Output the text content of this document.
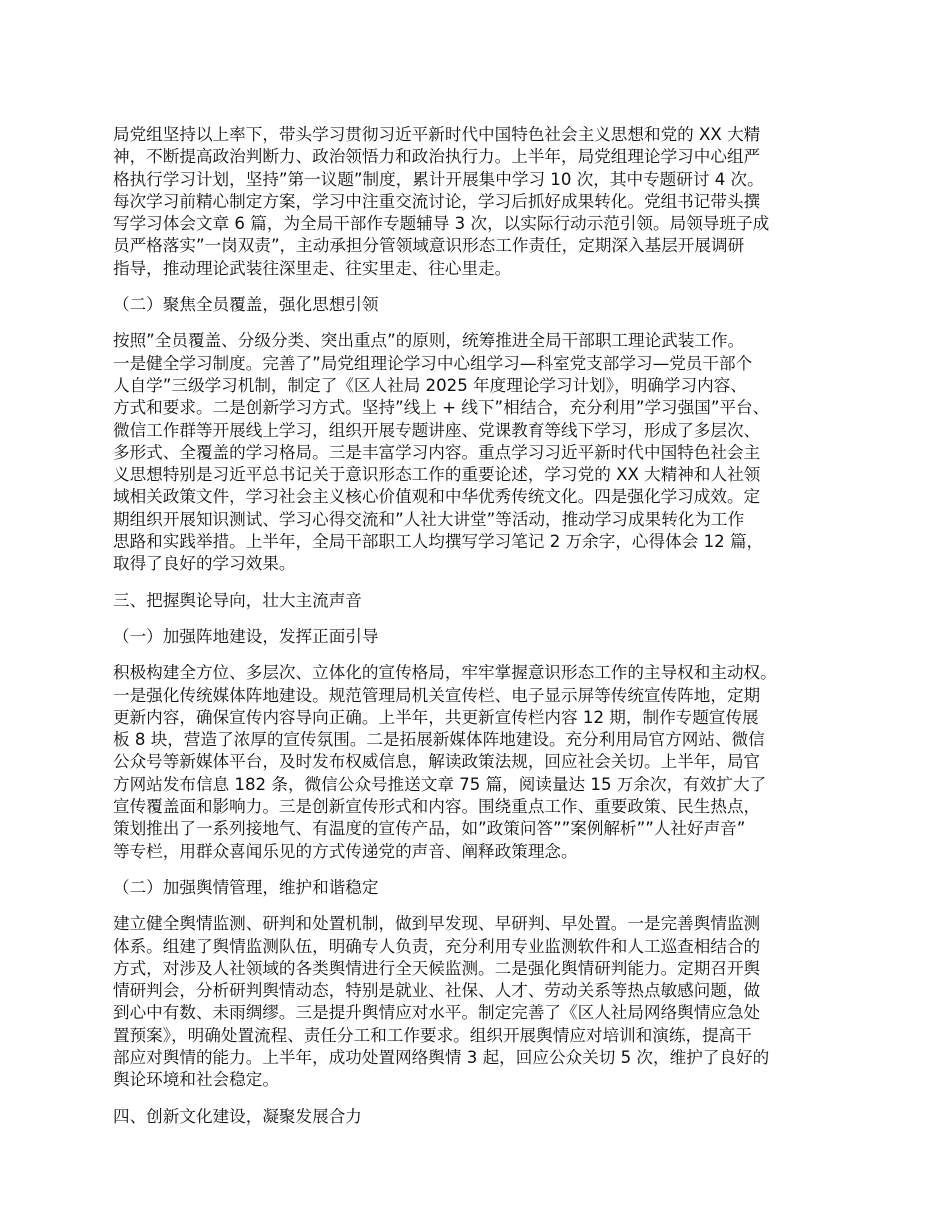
局党组坚持以上率下，带头学习贯彻习近平新时代中国特色社会主义思想和党的 XX 大精
神，不断提高政治判断力、政治领悟力和政治执行力。上半年，局党组理论学习中心组严
格执行学习计划，坚持”第一议题”制度，累计开展集中学习 10 次，其中专题研讨 4 次。
每次学习前精心制定方案，学习中注重交流讨论，学习后抓好成果转化。党组书记带头撰
写学习体会文章 6 篇，为全局干部作专题辅导 3 次，以实际行动示范引领。局领导班子成
员严格落实”一岗双责”，主动承担分管领域意识形态工作责任，定期深入基层开展调研
指导，推动理论武装往深里走、往实里走、往心里走。
（二）聚焦全员覆盖，强化思想引领
按照”全员覆盖、分级分类、突出重点”的原则，统筹推进全局干部职工理论武装工作。
一是健全学习制度。完善了”局党组理论学习中心组学习—科室党支部学习—党员干部个
人自学”三级学习机制，制定了《区人社局 2025 年度理论学习计划》，明确学习内容、
方式和要求。二是创新学习方式。坚持”线上 + 线下”相结合，充分利用”学习强国”平台、
微信工作群等开展线上学习，组织开展专题讲座、党课教育等线下学习，形成了多层次、
多形式、全覆盖的学习格局。三是丰富学习内容。重点学习习近平新时代中国特色社会主
义思想特别是习近平总书记关于意识形态工作的重要论述，学习党的 XX 大精神和人社领
域相关政策文件，学习社会主义核心价值观和中华优秀传统文化。四是强化学习成效。定
期组织开展知识测试、学习心得交流和”人社大讲堂”等活动，推动学习成果转化为工作
思路和实践举措。上半年，全局干部职工人均撰写学习笔记 2 万余字，心得体会 12 篇，
取得了良好的学习效果。
三、把握舆论导向，壮大主流声音
（一）加强阵地建设，发挥正面引导
积极构建全方位、多层次、立体化的宣传格局，牢牢掌握意识形态工作的主导权和主动权。
一是强化传统媒体阵地建设。规范管理局机关宣传栏、电子显示屏等传统宣传阵地，定期
更新内容，确保宣传内容导向正确。上半年，共更新宣传栏内容 12 期，制作专题宣传展
板 8 块，营造了浓厚的宣传氛围。二是拓展新媒体阵地建设。充分利用局官方网站、微信
公众号等新媒体平台，及时发布权威信息，解读政策法规，回应社会关切。上半年，局官
方网站发布信息 182 条，微信公众号推送文章 75 篇，阅读量达 15 万余次，有效扩大了
宣传覆盖面和影响力。三是创新宣传形式和内容。围绕重点工作、重要政策、民生热点，
策划推出了一系列接地气、有温度的宣传产品，如”政策问答””案例解析””人社好声音”
等专栏，用群众喜闻乐见的方式传递党的声音、阐释政策理念。
（二）加强舆情管理，维护和谐稳定
建立健全舆情监测、研判和处置机制，做到早发现、早研判、早处置。一是完善舆情监测
体系。组建了舆情监测队伍，明确专人负责，充分利用专业监测软件和人工巡查相结合的
方式，对涉及人社领域的各类舆情进行全天候监测。二是强化舆情研判能力。定期召开舆
情研判会，分析研判舆情动态，特别是就业、社保、人才、劳动关系等热点敏感问题，做
到心中有数、未雨绸缪。三是提升舆情应对水平。制定完善了《区人社局网络舆情应急处
置预案》，明确处置流程、责任分工和工作要求。组织开展舆情应对培训和演练，提高干
部应对舆情的能力。上半年，成功处置网络舆情 3 起，回应公众关切 5 次，维护了良好的
舆论环境和社会稳定。
四、创新文化建设，凝聚发展合力
